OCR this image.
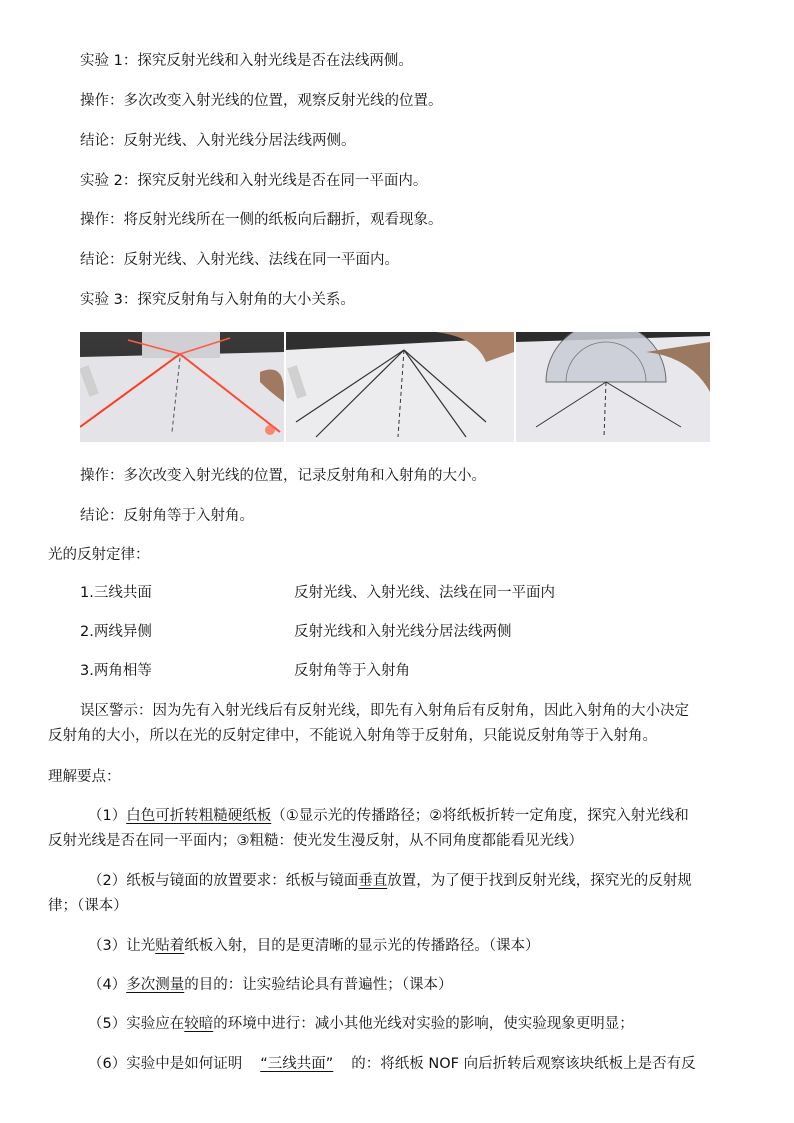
实验 1：探究反射光线和入射光线是否在法线两侧。
操作：多次改变入射光线的位置，观察反射光线的位置。
结论：反射光线、入射光线分居法线两侧。
实验 2：探究反射光线和入射光线是否在同一平面内。
操作：将反射光线所在一侧的纸板向后翻折，观看现象。
结论：反射光线、入射光线、法线在同一平面内。
实验 3：探究反射角与入射角的大小关系。
操作：多次改变入射光线的位置，记录反射角和入射角的大小。
结论：反射角等于入射角。
光的反射定律：
1.三线共面	反射光线、入射光线、法线在同一平面内
2.两线异侧	反射光线和入射光线分居法线两侧
3.两角相等	反射角等于入射角
误区警示：因为先有入射光线后有反射光线，即先有入射角后有反射角，因此入射角的大小决定
反射角的大小，所以在光的反射定律中，不能说入射角等于反射角，只能说反射角等于入射角。
理解要点：
（1）白色可折转粗糙硬纸板（①显示光的传播路径；②将纸板折转一定角度，探究入射光线和
反射光线是否在同一平面内；③粗糙：使光发生漫反射，从不同角度都能看见光线）
（2）纸板与镜面的放置要求：纸板与镜面垂直放置，为了便于找到反射光线，探究光的反射规
律；（课本）
（3）让光贴着纸板入射，目的是更清晰的显示光的传播路径。（课本）
（4）多次测量的目的：让实验结论具有普遍性；（课本）
（5）实验应在较暗的环境中进行：减小其他光线对实验的影响，使实验现象更明显；
（6）实验中是如何证明 “三线共面” 的：将纸板 NOF 向后折转后观察该块纸板上是否有反
